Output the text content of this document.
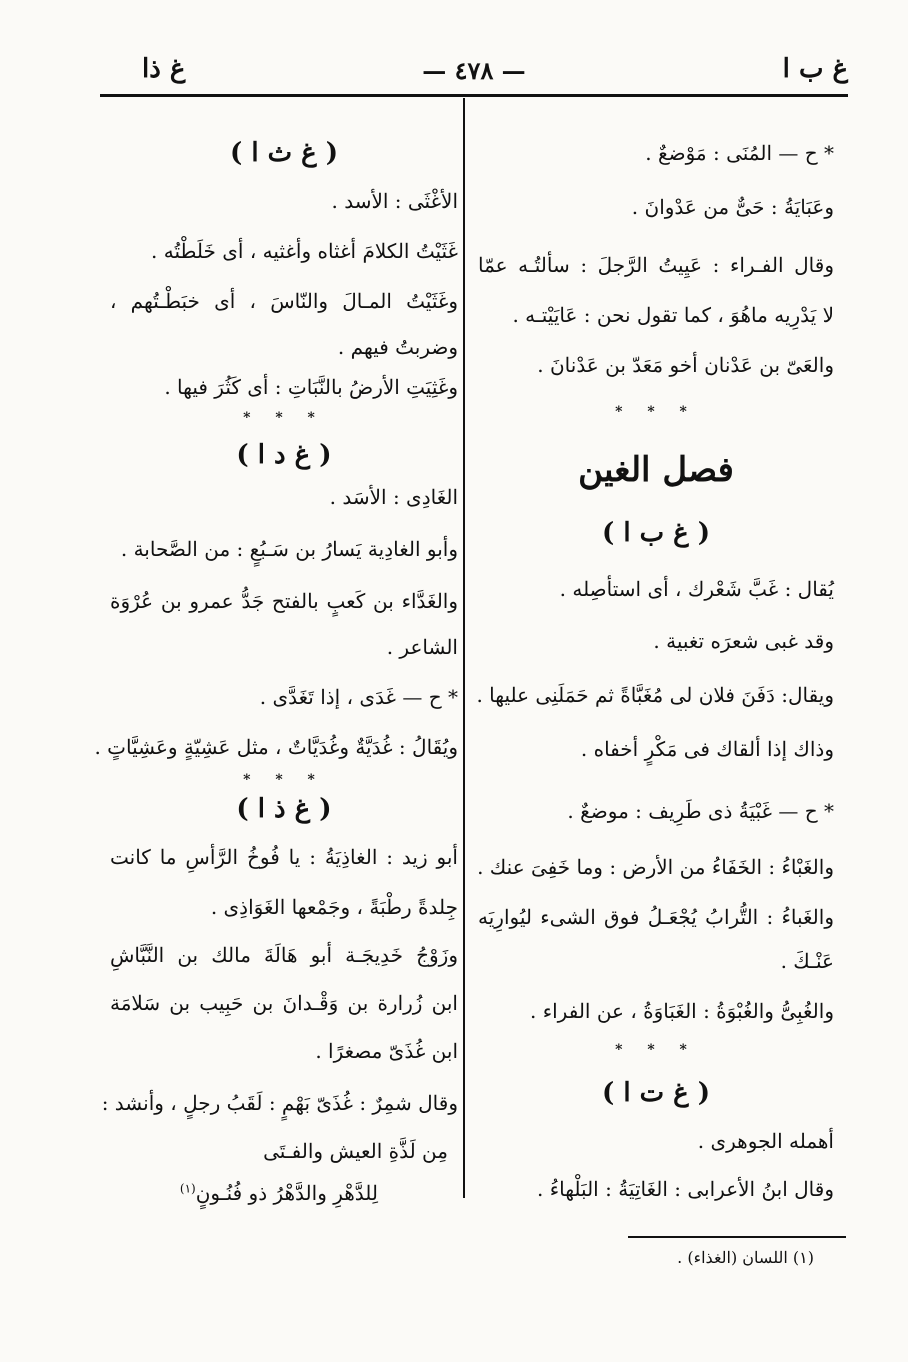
غ ب ا
— ٤٧٨ —
غ ذا
* ح — المُنَى : مَوْضعٌ .
وعَبَايَةُ : حَىٌّ من عَدْوانَ .
وقال الفـراء : عَيِيتُ الرَّجلَ : سألتُـه عمّا
لا يَدْرِيه ماهُوَ ، كما تقول نحن : عَايَيْتـه .
والعَىّ بن عَدْنان أخو مَعَدّ بن عَدْنانَ .
* * *
فصل الغين
( غ ب ا )
يُقال : غَبَّ شَعْرك ، أى استأصِله .
وقد غبى شعرَه تغبية .
ويقال: دَفَنَ فلان لى مُغَبَّاةً ثم حَمَلَنِى عليها .
وذاك إذا ألقاك فى مَكْرٍ أخفاه .
* ح — غَبْيَةُ ذى طَرِيف : موضعٌ .
والغَبْاءُ : الخَفَاءُ من الأرض : وما خَفِىَ عنك .
والغَباءُ : التُّرابُ يُجْعَـلُ فوق الشىء ليُوارِيَه
عَنْـكَ .
والغُبِىُّ والغُبْوَةُ : الغَبَاوَةُ ، عن الفراء .
* * *
( غ ت ا )
أهمله الجوهرى .
وقال ابنُ الأعرابى : الغَاتِيَةُ : البَلْهاءُ .
( غ ث ا )
الأغْثَى : الأسد .
غَثَيْتُ الكلامَ أغثاه وأغثيه ، أى خَلَطْتُه .
وغَثَيْتُ المـالَ والنّاسَ ، أى خبَطْـتُهم ،
وضربتُ فيهم .
وغَثِيَتِ الأرضُ بالنَّبَاتِ : أى كَثُرَ فيها .
* * *
( غ د ا )
الغَادِى : الأسَد .
وأبو الغادِية يَسارُ بن سَـبُعٍ : من الصَّحابة .
والغَدَّاء بن كَعبٍ بالفتح جَدُّ عمرو بن عُرْوَة
الشاعر .
* ح — غَدَى ، إذا تَغَدَّى .
ويُقَالُ : غُدَيَّةٌ وغُدَيَّاتٌ ، مثل عَشِيّةٍ وعَشِيَّاتٍ .
* * *
( غ ذ ا )
أبو زيد : الغاذِيَةُ : يا فُوخُ الرَّأسِ ما كانت
جِلدةً رطْبَةً ، وجَمْعها الغَوَاذِى .
وزَوْجُ خَدِيجَـة أبو هَالَةَ مالك بن النَّبَّاشِ
ابن زُرارة بن وَقْـدانَ بن حَبِيب بن سَلامَة
ابن غُذَىّ مصغرًا .
وقال شمِرٌ : غُذَىّ بَهْمٍ : لَقَبُ رجلٍ ، وأنشد :
مِن لَذَّةِ العيش والفـتَى
لِلدَّهْرِ والدَّهْرُ ذو فُنُـونٍ$^{(١)}$
(١) اللسان (الغذاء) .
